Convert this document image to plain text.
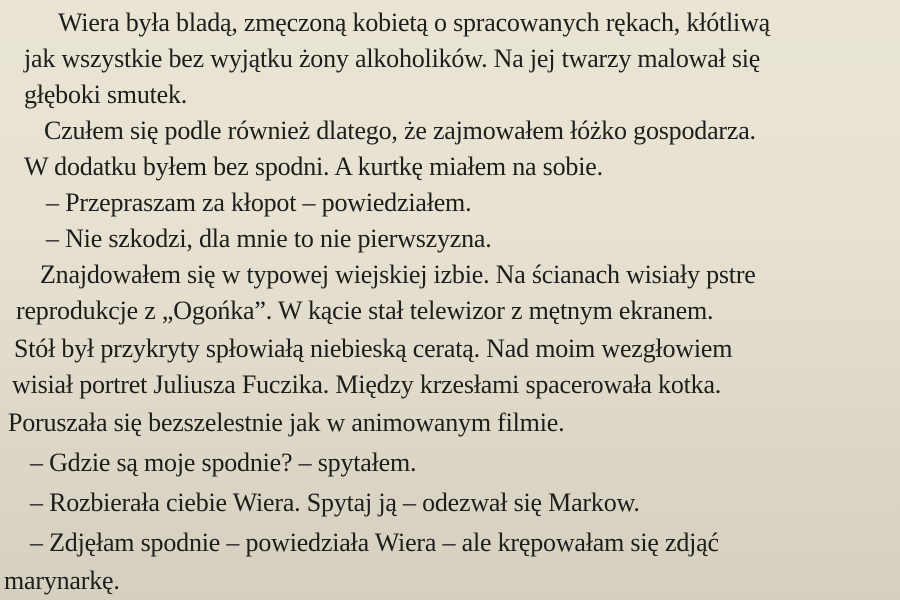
Wiera była bladą, zmęczoną kobietą o spracowanych rękach, kłótliwą
jak wszystkie bez wyjątku żony alkoholików. Na jej twarzy malował się
głęboki smutek.
Czułem się podle również dlatego, że zajmowałem łóżko gospodarza.
W dodatku byłem bez spodni. A kurtkę miałem na sobie.
– Przepraszam za kłopot – powiedziałem.
– Nie szkodzi, dla mnie to nie pierwszyzna.
Znajdowałem się w typowej wiejskiej izbie. Na ścianach wisiały pstre
reprodukcje z „Ogońka”. W kącie stał telewizor z mętnym ekranem.
Stół był przykryty spłowiałą niebieską ceratą. Nad moim wezgłowiem
wisiał portret Juliusza Fuczika. Między krzesłami spacerowała kotka.
Poruszała się bezszelestnie jak w animowanym filmie.
– Gdzie są moje spodnie? – spytałem.
– Rozbierała ciebie Wiera. Spytaj ją – odezwał się Markow.
– Zdjęłam spodnie – powiedziała Wiera – ale krępowałam się zdjąć
marynarkę.
